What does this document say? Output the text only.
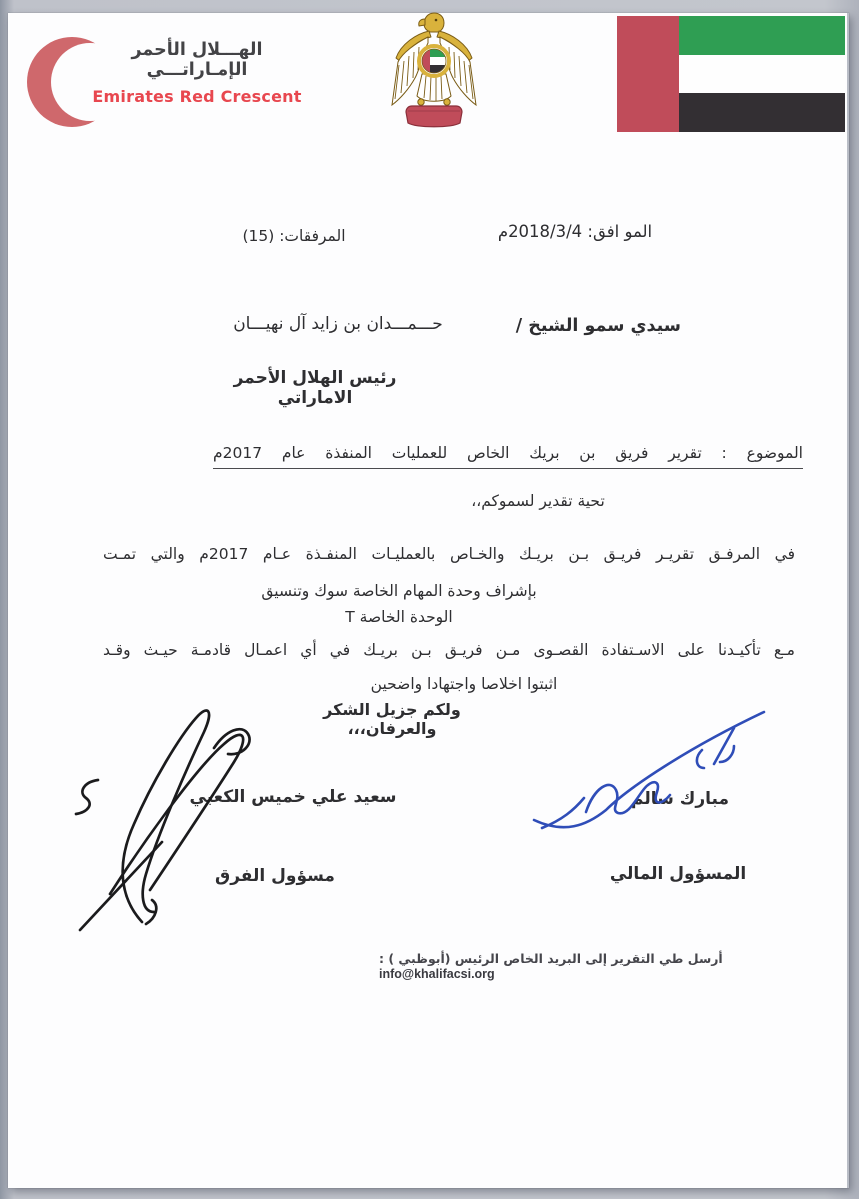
الهـــلال الأحمر الإمـاراتـــي
Emirates Red Crescent
المو افق: 2018/3/4م
المرفقات: (15)
سيدي سمو الشيخ /
حـــمـــدان بن زايد آل نهيـــان
رئيس الهلال الأحمر الاماراتي
الموضوع : تقرير فريق بن بريك الخاص للعمليات المنفذة عام 2017م
تحية تقدير لسموكم،،
في المرفـق تقريـر فريـق بـن بريـك والخـاص بالعمليـات المنفـذة عـام 2017م والتي تمـت
بإشراف وحدة المهام الخاصة سوك وتنسيق الوحدة الخاصة T
مـع تأكيـدنا على الاسـتفادة القصـوى مـن فريـق بـن بريـك في أي اعمـال قادمـة حيـث وقـد
اثبتوا اخلاصا واجتهادا واضحين
ولكم جزيل الشكر والعرفان،،،
مبارك سالم
المسؤول المالي
سعيد علي خميس الكعبي
مسؤول الفرق
أرسل طي التقرير إلى البريد الخاص الرئيس (أبوظبي ) : info@khalifacsi.org
